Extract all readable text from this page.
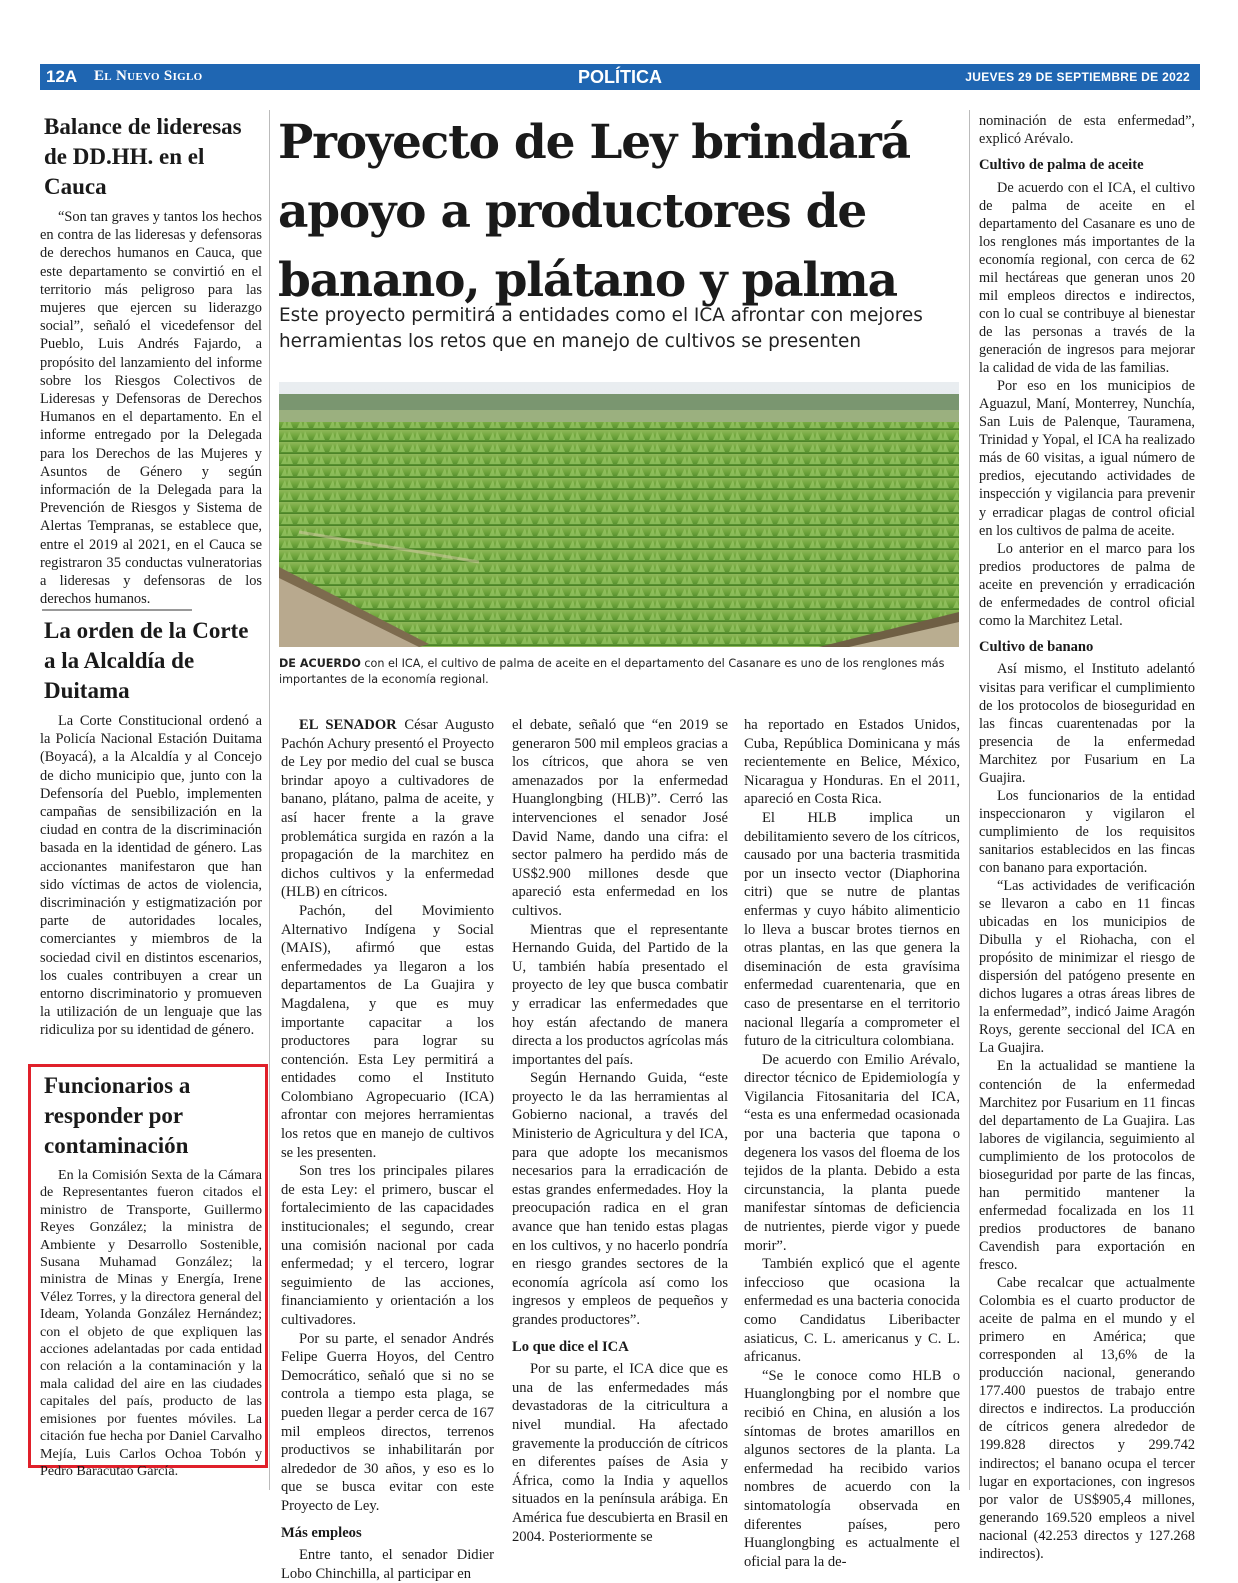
12A El Nuevo Siglo	POLÍTICA	JUEVES 29 DE SEPTIEMBRE DE 2022
Balance de lideresas de DD.HH. en el Cauca

“Son tan graves y tantos los hechos en contra de las lideresas y defensoras de derechos humanos en Cauca, que este departamento se convirtió en el territorio más peligroso para las mujeres que ejercen su liderazgo social”, señaló el vicedefensor del Pueblo, Luis Andrés Fajardo, a propósito del lanzamiento del informe sobre los Riesgos Colectivos de Lideresas y Defensoras de Derechos Humanos en el departamento. En el informe entregado por la Delegada para los Derechos de las Mujeres y Asuntos de Género y según información de la Delegada para la Prevención de Riesgos y Sistema de Alertas Tempranas, se establece que, entre el 2019 al 2021, en el Cauca se registraron 35 conductas vulneratorias a lideresas y defensoras de los derechos humanos.

La orden de la Corte a la Alcaldía de Duitama

La Corte Constitucional ordenó a la Policía Nacional Estación Duitama (Boyacá), a la Alcaldía y al Concejo de dicho municipio que, junto con la Defensoría del Pueblo, implementen campañas de sensibilización en la ciudad en contra de la discriminación basada en la identidad de género. Las accionantes manifestaron que han sido víctimas de actos de violencia, discriminación y estigmatización por parte de autoridades locales, comerciantes y miembros de la sociedad civil en distintos escenarios, los cuales contribuyen a crear un entorno discriminatorio y promueven la utilización de un lenguaje que las ridiculiza por su identidad de género.

Funcionarios a responder por contaminación

En la Comisión Sexta de la Cámara de Representantes fueron citados el ministro de Transporte, Guillermo Reyes González; la ministra de Ambiente y Desarrollo Sostenible, Susana Muhamad González; la ministra de Minas y Energía, Irene Vélez Torres, y la directora general del Ideam, Yolanda González Hernández; con el objeto de que expliquen las acciones adelantadas por cada entidad con relación a la contaminación y la mala calidad del aire en las ciudades capitales del país, producto de las emisiones por fuentes móviles. La citación fue hecha por Daniel Carvalho Mejía, Luis Carlos Ochoa Tobón y Pedro Baracutao García.

Proyecto de Ley brindará apoyo a productores de banano, plátano y palma
Este proyecto permitirá a entidades como el ICA afrontar con mejores herramientas los retos que en manejo de cultivos se presenten
DE ACUERDO con el ICA, el cultivo de palma de aceite en el departamento del Casanare es uno de los renglones más importantes de la economía regional.

EL SENADOR César Augusto Pachón Achury presentó el Proyecto de Ley por medio del cual se busca brindar apoyo a cultivadores de banano, plátano, palma de aceite, y así hacer frente a la grave problemática surgida en razón a la propagación de la marchitez en dichos cultivos y la enfermedad (HLB) en cítricos.

Pachón, del Movimiento Alternativo Indígena y Social (MAIS), afirmó que estas enfermedades ya llegaron a los departamentos de La Guajira y Magdalena, y que es muy importante capacitar a los productores para lograr su contención. Esta Ley permitirá a entidades como el Instituto Colombiano Agropecuario (ICA) afrontar con mejores herramientas los retos que en manejo de cultivos se les presenten.

Son tres los principales pilares de esta Ley: el primero, buscar el fortalecimiento de las capacidades institucionales; el segundo, crear una comisión nacional por cada enfermedad; y el tercero, lograr seguimiento de las acciones, financiamiento y orientación a los cultivadores.

Por su parte, el senador Andrés Felipe Guerra Hoyos, del Centro Democrático, señaló que si no se controla a tiempo esta plaga, se pueden llegar a perder cerca de 167 mil empleos directos, terrenos productivos se inhabilitarán por alrededor de 30 años, y eso es lo que se busca evitar con este Proyecto de Ley.

Más empleos

Entre tanto, el senador Didier Lobo Chinchilla, al participar en

el debate, señaló que “en 2019 se generaron 500 mil empleos gracias a los cítricos, que ahora se ven amenazados por la enfermedad Huanglongbing (HLB)”. Cerró las intervenciones el senador José David Name, dando una cifra: el sector palmero ha perdido más de US$2.900 millones desde que apareció esta enfermedad en los cultivos.

Mientras que el representante Hernando Guida, del Partido de la U, también había presentado el proyecto de ley que busca combatir y erradicar las enfermedades que hoy están afectando de manera directa a los productos agrícolas más importantes del país.

Según Hernando Guida, “este proyecto le da las herramientas al Gobierno nacional, a través del Ministerio de Agricultura y del ICA, para que adopte los mecanismos necesarios para la erradicación de estas grandes enfermedades. Hoy la preocupación radica en el gran avance que han tenido estas plagas en los cultivos, y no hacerlo pondría en riesgo grandes sectores de la economía agrícola así como los ingresos y empleos de pequeños y grandes productores”.

Lo que dice el ICA

Por su parte, el ICA dice que es una de las enfermedades más devastadoras de la citricultura a nivel mundial. Ha afectado gravemente la producción de cítricos en diferentes países de Asia y África, como la India y aquellos situados en la península arábiga. En América fue descubierta en Brasil en 2004. Posteriormente se

ha reportado en Estados Unidos, Cuba, República Dominicana y más recientemente en Belice, México, Nicaragua y Honduras. En el 2011, apareció en Costa Rica.

El HLB implica un debilitamiento severo de los cítricos, causado por una bacteria trasmitida por un insecto vector (Diaphorina citri) que se nutre de plantas enfermas y cuyo hábito alimenticio lo lleva a buscar brotes tiernos en otras plantas, en las que genera la diseminación de esta gravísima enfermedad cuarentenaria, que en caso de presentarse en el territorio nacional llegaría a comprometer el futuro de la citricultura colombiana.

De acuerdo con Emilio Arévalo, director técnico de Epidemiología y Vigilancia Fitosanitaria del ICA, “esta es una enfermedad ocasionada por una bacteria que tapona o degenera los vasos del floema de los tejidos de la planta. Debido a esta circunstancia, la planta puede manifestar síntomas de deficiencia de nutrientes, pierde vigor y puede morir”.

También explicó que el agente infeccioso que ocasiona la enfermedad es una bacteria conocida como Candidatus Liberibacter asiaticus, C. L. americanus y C. L. africanus.

“Se le conoce como HLB o Huanglongbing por el nombre que recibió en China, en alusión a los síntomas de brotes amarillos en algunos sectores de la planta. La enfermedad ha recibido varios nombres de acuerdo con la sintomatología observada en diferentes países, pero Huanglongbing es actualmente el oficial para la de-

nominación de esta enfermedad”, explicó Arévalo.

Cultivo de palma de aceite

De acuerdo con el ICA, el cultivo de palma de aceite en el departamento del Casanare es uno de los renglones más importantes de la economía regional, con cerca de 62 mil hectáreas que generan unos 20 mil empleos directos e indirectos, con lo cual se contribuye al bienestar de las personas a través de la generación de ingresos para mejorar la calidad de vida de las familias.

Por eso en los municipios de Aguazul, Maní, Monterrey, Nunchía, San Luis de Palenque, Tauramena, Trinidad y Yopal, el ICA ha realizado más de 60 visitas, a igual número de predios, ejecutando actividades de inspección y vigilancia para prevenir y erradicar plagas de control oficial en los cultivos de palma de aceite.

Lo anterior en el marco para los predios productores de palma de aceite en prevención y erradicación de enfermedades de control oficial como la Marchitez Letal.

Cultivo de banano

Así mismo, el Instituto adelantó visitas para verificar el cumplimiento de los protocolos de bioseguridad en las fincas cuarentenadas por la presencia de la enfermedad Marchitez por Fusarium en La Guajira.

Los funcionarios de la entidad inspeccionaron y vigilaron el cumplimiento de los requisitos sanitarios establecidos en las fincas con banano para exportación.

“Las actividades de verificación se llevaron a cabo en 11 fincas ubicadas en los municipios de Dibulla y el Riohacha, con el propósito de minimizar el riesgo de dispersión del patógeno presente en dichos lugares a otras áreas libres de la enfermedad”, indicó Jaime Aragón Roys, gerente seccional del ICA en La Guajira.

En la actualidad se mantiene la contención de la enfermedad Marchitez por Fusarium en 11 fincas del departamento de La Guajira. Las labores de vigilancia, seguimiento al cumplimiento de los protocolos de bioseguridad por parte de las fincas, han permitido mantener la enfermedad focalizada en los 11 predios productores de banano Cavendish para exportación en fresco.

Cabe recalcar que actualmente Colombia es el cuarto productor de aceite de palma en el mundo y el primero en América; que corresponden al 13,6% de la producción nacional, generando 177.400 puestos de trabajo entre directos e indirectos. La producción de cítricos genera alrededor de 199.828 directos y 299.742 indirectos; el banano ocupa el tercer lugar en exportaciones, con ingresos por valor de US$905,4 millones, generando 169.520 empleos a nivel nacional (42.253 directos y 127.268 indirectos).
